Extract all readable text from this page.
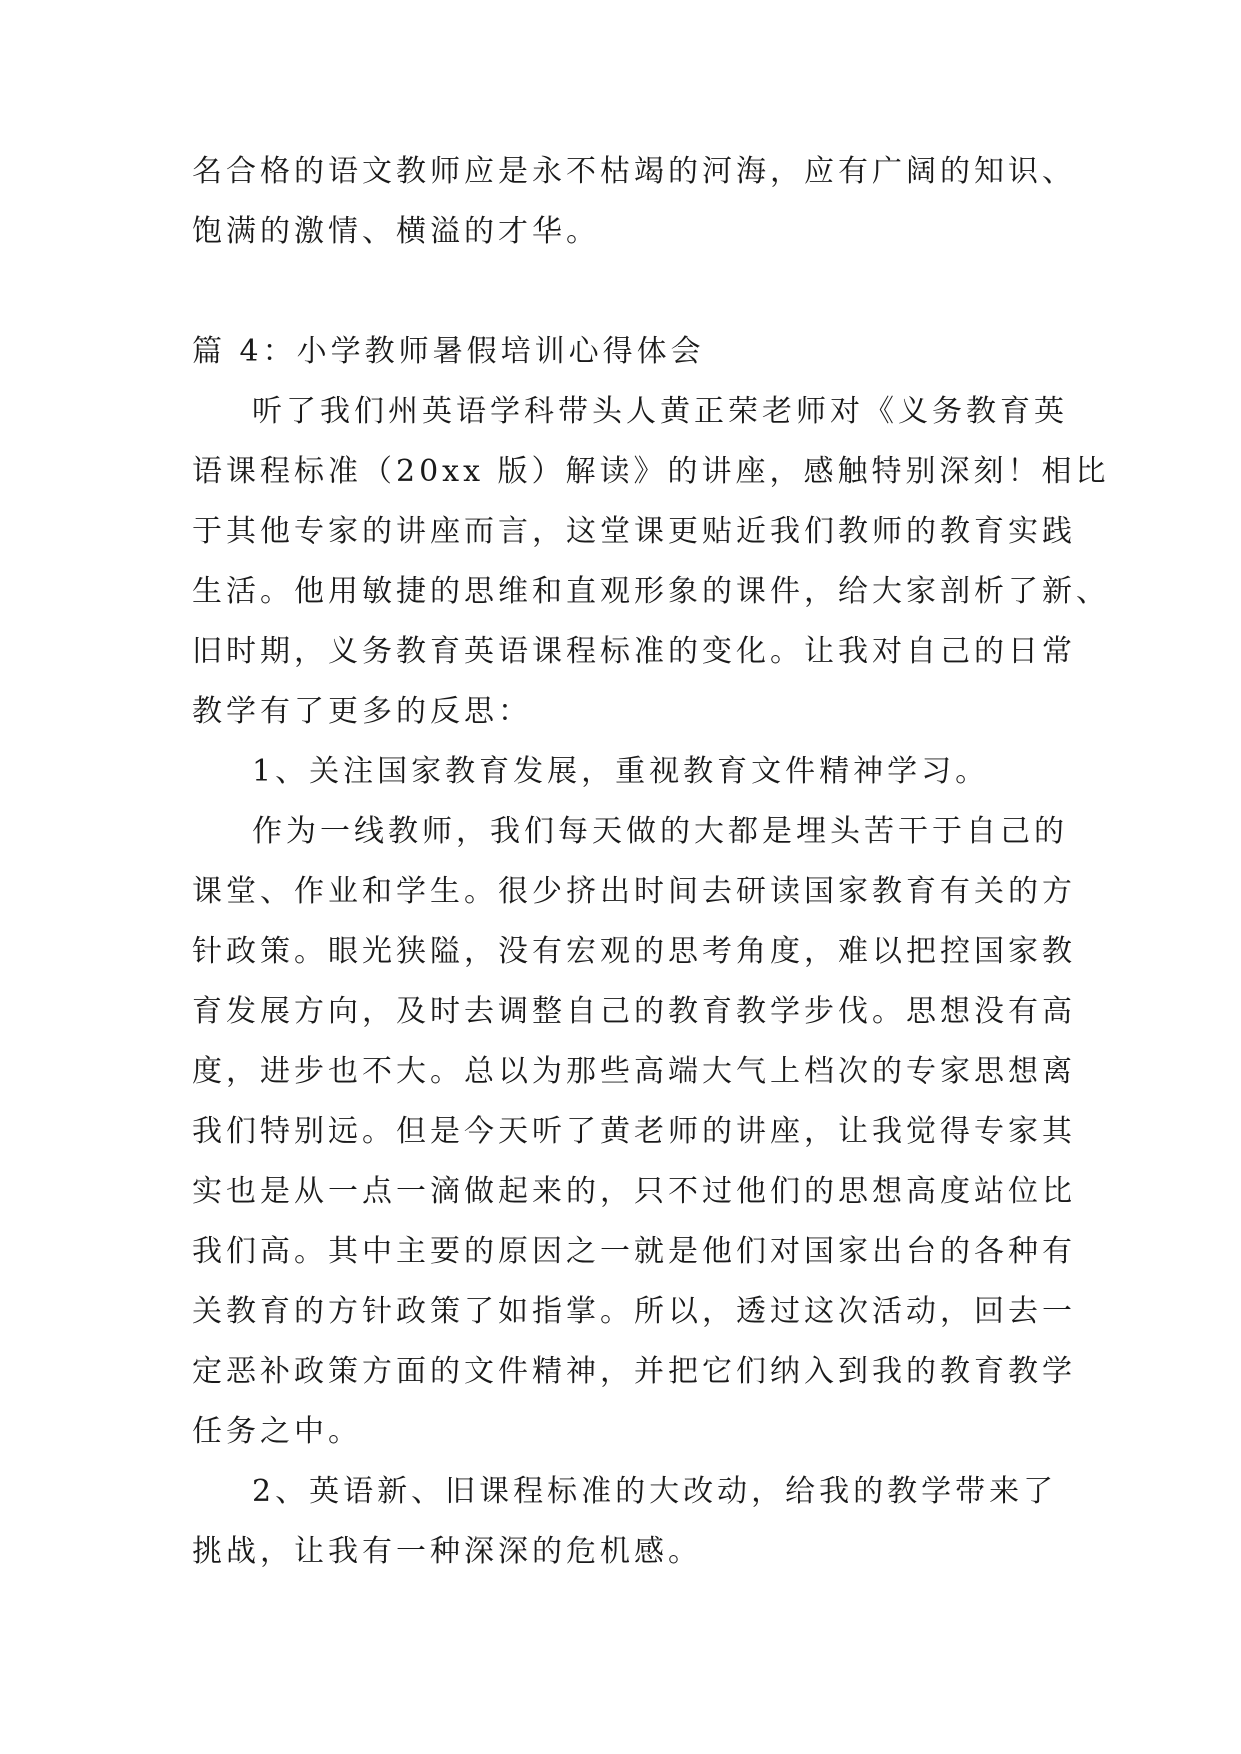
名合格的语文教师应是永不枯竭的河海，应有广阔的知识、

饱满的激情、横溢的才华。

篇 4：小学教师暑假培训心得体会

听了我们州英语学科带头人黄正荣老师对《义务教育英

语课程标准（20xx 版）解读》的讲座，感触特别深刻！相比

于其他专家的讲座而言，这堂课更贴近我们教师的教育实践

生活。他用敏捷的思维和直观形象的课件，给大家剖析了新、

旧时期，义务教育英语课程标准的变化。让我对自己的日常

教学有了更多的反思：

1、关注国家教育发展，重视教育文件精神学习。

作为一线教师，我们每天做的大都是埋头苦干于自己的

课堂、作业和学生。很少挤出时间去研读国家教育有关的方

针政策。眼光狭隘，没有宏观的思考角度，难以把控国家教

育发展方向，及时去调整自己的教育教学步伐。思想没有高

度，进步也不大。总以为那些高端大气上档次的专家思想离

我们特别远。但是今天听了黄老师的讲座，让我觉得专家其

实也是从一点一滴做起来的，只不过他们的思想高度站位比

我们高。其中主要的原因之一就是他们对国家出台的各种有

关教育的方针政策了如指掌。所以，透过这次活动，回去一

定恶补政策方面的文件精神，并把它们纳入到我的教育教学

任务之中。

2、英语新、旧课程标准的大改动，给我的教学带来了

挑战，让我有一种深深的危机感。
